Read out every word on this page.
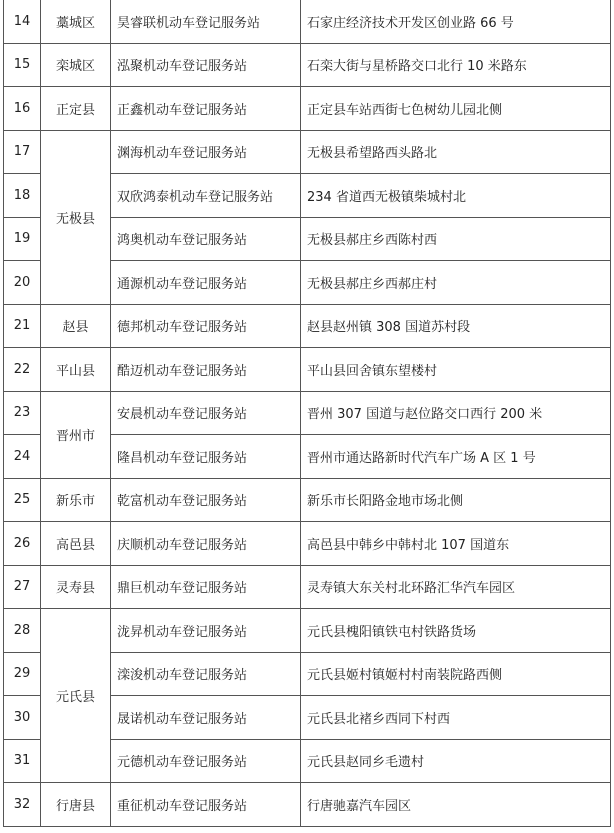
14	藁城区	昊睿联机动车登记服务站	石家庄经济技术开发区创业路 66 号
15	栾城区	泓聚机动车登记服务站	石栾大街与星桥路交口北行 10 米路东
16	正定县	正鑫机动车登记服务站	正定县车站西街七色树幼儿园北侧
17	无极县	渊海机动车登记服务站	无极县希望路西头路北
18		双欣鸿泰机动车登记服务站	234 省道西无极镇柴城村北
19		鸿奥机动车登记服务站	无极县郝庄乡西陈村西
20		通源机动车登记服务站	无极县郝庄乡西郝庄村
21	赵县	德邦机动车登记服务站	赵县赵州镇 308 国道苏村段
22	平山县	酷迈机动车登记服务站	平山县回舍镇东望楼村
23	晋州市	安晨机动车登记服务站	晋州 307 国道与赵位路交口西行 200 米
24		隆昌机动车登记服务站	晋州市通达路新时代汽车广场 A 区 1 号
25	新乐市	乾富机动车登记服务站	新乐市长阳路金地市场北侧
26	高邑县	庆顺机动车登记服务站	高邑县中韩乡中韩村北 107 国道东
27	灵寿县	鼎巨机动车登记服务站	灵寿镇大东关村北环路汇华汽车园区
28	元氏县	泷昇机动车登记服务站	元氏县槐阳镇铁屯村铁路货场
29		滦浚机动车登记服务站	元氏县姬村镇姬村村南装院路西侧
30		晟诺机动车登记服务站	元氏县北褚乡西同下村西
31		元德机动车登记服务站	元氏县赵同乡毛遗村
32	行唐县	重征机动车登记服务站	行唐驰嘉汽车园区
